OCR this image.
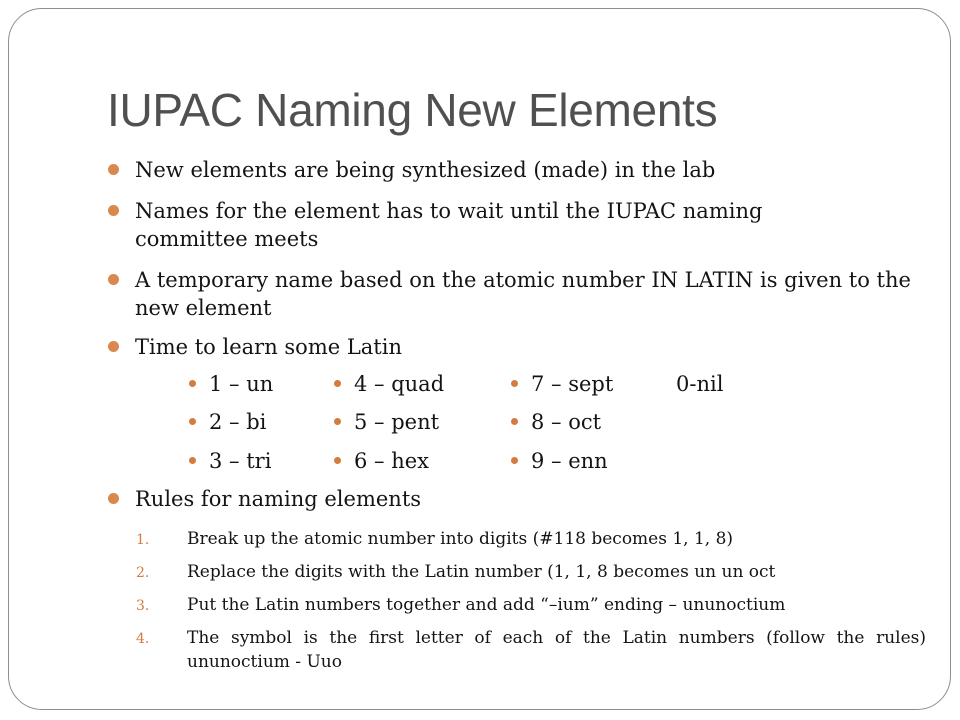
IUPAC Naming New Elements
New elements are being synthesized (made) in the lab
Names for the element has to wait until the IUPAC naming committee meets
A temporary name based on the atomic number IN LATIN is given to the new element
Time to learn some Latin
1 – un
2 – bi
3 – tri
4 – quad
5 – pent
6 – hex
7 – sept
8 – oct
9 – enn
0-nil
Rules for naming elements
1.	Break up the atomic number into digits (#118 becomes 1, 1, 8)
2.	Replace the digits with the Latin number (1, 1, 8 becomes un un oct
3.	Put the Latin numbers together and add “–ium” ending – ununoctium
4.	The symbol is the first letter of each of the Latin numbers (follow the rules) ununoctium - Uuo
